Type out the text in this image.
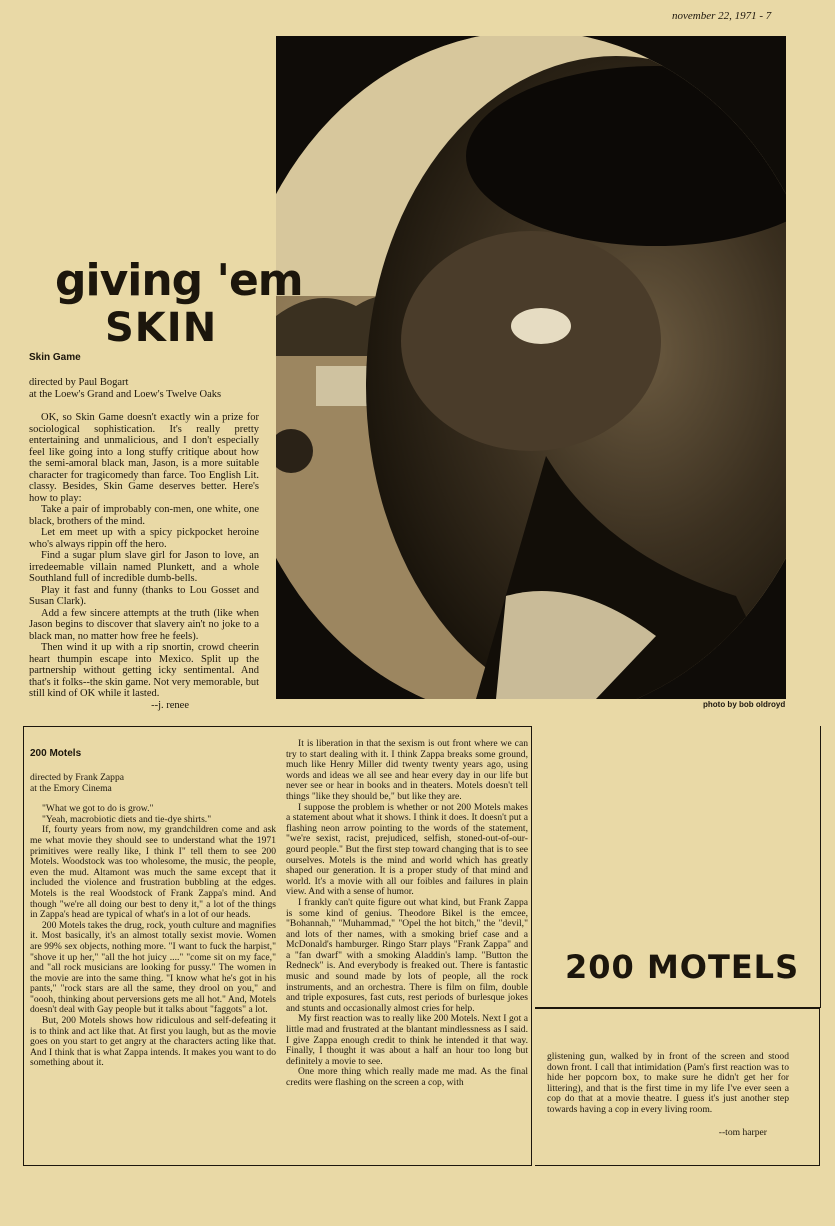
november 22, 1971 - 7
photo by bob oldroyd
giving 'em
SKIN
Skin Game

directed by Paul Bogart

at the Loew's Grand and Loew's Twelve Oaks

OK, so Skin Game doesn't exactly win a prize for sociological sophistication. It's really pretty entertaining and unmalicious, and I don't especially feel like going into a long stuffy critique about how the semi-amoral black man, Jason, is a more suitable character for tragicomedy than farce. Too English Lit. classy. Besides, Skin Game deserves better. Here's how to play:

Take a pair of improbably con-men, one white, one black, brothers of the mind.

Let em meet up with a spicy pickpocket heroine who's always rippin off the hero.

Find a sugar plum slave girl for Jason to love, an irredeemable villain named Plunkett, and a whole Southland full of incredible dumb-bells.

Play it fast and funny (thanks to Lou Gosset and Susan Clark).

Add a few sincere attempts at the truth (like when Jason begins to discover that slavery ain't no joke to a black man, no matter how free he feels).

Then wind it up with a rip snortin, crowd cheerin heart thumpin escape into Mexico. Split up the partnership without getting icky sentimental. And that's it folks--the skin game. Not very memorable, but still kind of OK while it lasted.

--j. renee

200 Motels

directed by Frank Zappa

at the Emory Cinema

"What we got to do is grow."

"Yeah, macrobiotic diets and tie-dye shirts."

If, fourty years from now, my grandchildren come and ask me what movie they should see to understand what the 1971 primitives were really like, I think I" tell them to see 200 Motels. Woodstock was too wholesome, the music, the people, even the mud. Altamont was much the same except that it included the violence and frustration bubbling at the edges. Motels is the real Woodstock of Frank Zappa's mind. And though "we're all doing our best to deny it," a lot of the things in Zappa's head are typical of what's in a lot of our heads.

200 Motels takes the drug, rock, youth culture and magnifies it. Most basically, it's an almost totally sexist movie. Women are 99% sex objects, nothing more. "I want to fuck the harpist," "shove it up her," "all the hot juicy ...." "come sit on my face," and "all rock musicians are looking for pussy." The women in the movie are into the same thing. "I know what he's got in his pants," "rock stars are all the same, they drool on you," and "oooh, thinking about perversions gets me all hot." And, Motels doesn't deal with Gay people but it talks about "faggots" a lot.

But, 200 Motels shows how ridiculous and self-defeating it is to think and act like that. At first you laugh, but as the movie goes on you start to get angry at the characters acting like that. And I think that is what Zappa intends. It makes you want to do something about it.

It is liberation in that the sexism is out front where we can try to start dealing with it. I think Zappa breaks some ground, much like Henry Miller did twenty twenty years ago, using words and ideas we all see and hear every day in our life but never see or hear in books and in theaters. Motels doesn't tell things "like they should be," but like they are.

I suppose the problem is whether or not 200 Motels makes a statement about what it shows. I think it does. It doesn't put a flashing neon arrow pointing to the words of the statement, "we're sexist, racist, prejudiced, selfish, stoned-out-of-our-gourd people." But the first step toward changing that is to see ourselves. Motels is the mind and world which has greatly shaped our generation. It is a proper study of that mind and world. It's a movie with all our foibles and failures in plain view. And with a sense of humor.

I frankly can't quite figure out what kind, but Frank Zappa is some kind of genius. Theodore Bikel is the emcee, "Bohannah," "Muhammad," "Opel the hot bitch," the "devil," and lots of ther names, with a smoking brief case and a McDonald's hamburger. Ringo Starr plays "Frank Zappa" and a "fan dwarf" with a smoking Aladdin's lamp. "Button the Redneck" is. And everybody is freaked out. There is fantastic music and sound made by lots of people, all the rock instruments, and an orchestra. There is film on film, double and triple exposures, fast cuts, rest periods of burlesque jokes and stunts and occasionally almost cries for help.

My first reaction was to really like 200 Motels. Next I got a little mad and frustrated at the blantant mindlessness as I said. I give Zappa enough credit to think he intended it that way. Finally, I thought it was about a half an hour too long but definitely a movie to see.

One more thing which really made me mad. As the final credits were flashing on the screen a cop, with

200 MOTELS

glistening gun, walked by in front of the screen and stood down front. I call that intimidation (Pam's first reaction was to hide her popcorn box, to make sure he didn't get her for littering), and that is the first time in my life I've ever seen a cop do that at a movie theatre. I guess it's just another step towards having a cop in every living room.

--tom harper
